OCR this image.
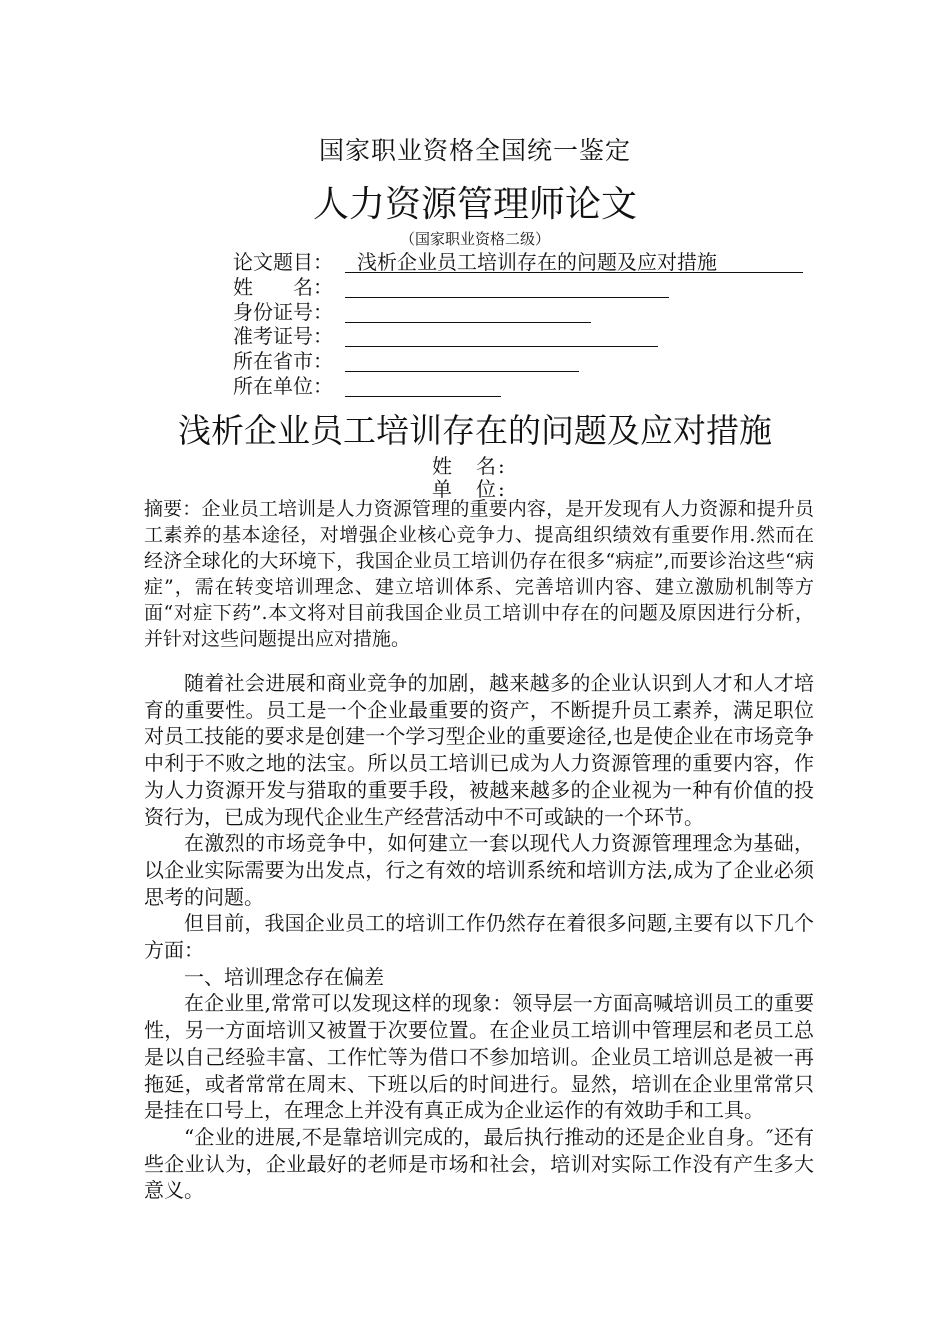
国家职业资格全国统一鉴定
人力资源管理师论文
（国家职业资格二级）
论文题目： 浅析企业员工培训存在的问题及应对措施
姓　　名：
身份证号：
准考证号：
所在省市：
所在单位：
浅析企业员工培训存在的问题及应对措施
姓　名:
单　位:

摘要：企业员工培训是人力资源管理的重要内容，是开发现有人力资源和提升员工素养的基本途径，对增强企业核心竞争力、提高组织绩效有重要作用.然而在经济全球化的大环境下，我国企业员工培训仍存在很多“病症”,而要诊治这些“病症”，需在转变培训理念、建立培训体系、完善培训内容、建立激励机制等方面“对症下药”.本文将对目前我国企业员工培训中存在的问题及原因进行分析，并针对这些问题提出应对措施。

随着社会进展和商业竞争的加剧，越来越多的企业认识到人才和人才培育的重要性。员工是一个企业最重要的资产，不断提升员工素养，满足职位对员工技能的要求是创建一个学习型企业的重要途径,也是使企业在市场竞争中利于不败之地的法宝。所以员工培训已成为人力资源管理的重要内容，作为人力资源开发与猎取的重要手段，被越来越多的企业视为一种有价值的投资行为，已成为现代企业生产经营活动中不可或缺的一个环节。

在激烈的市场竞争中，如何建立一套以现代人力资源管理理念为基础，以企业实际需要为出发点，行之有效的培训系统和培训方法,成为了企业必须思考的问题。

但目前，我国企业员工的培训工作仍然存在着很多问题,主要有以下几个方面：

一、培训理念存在偏差

在企业里,常常可以发现这样的现象：领导层一方面高喊培训员工的重要性，另一方面培训又被置于次要位置。在企业员工培训中管理层和老员工总是以自己经验丰富、工作忙等为借口不参加培训。企业员工培训总是被一再拖延，或者常常在周末、下班以后的时间进行。显然，培训在企业里常常只是挂在口号上，在理念上并没有真正成为企业运作的有效助手和工具。

“企业的进展,不是靠培训完成的，最后执行推动的还是企业自身。″还有些企业认为，企业最好的老师是市场和社会，培训对实际工作没有产生多大意义。
